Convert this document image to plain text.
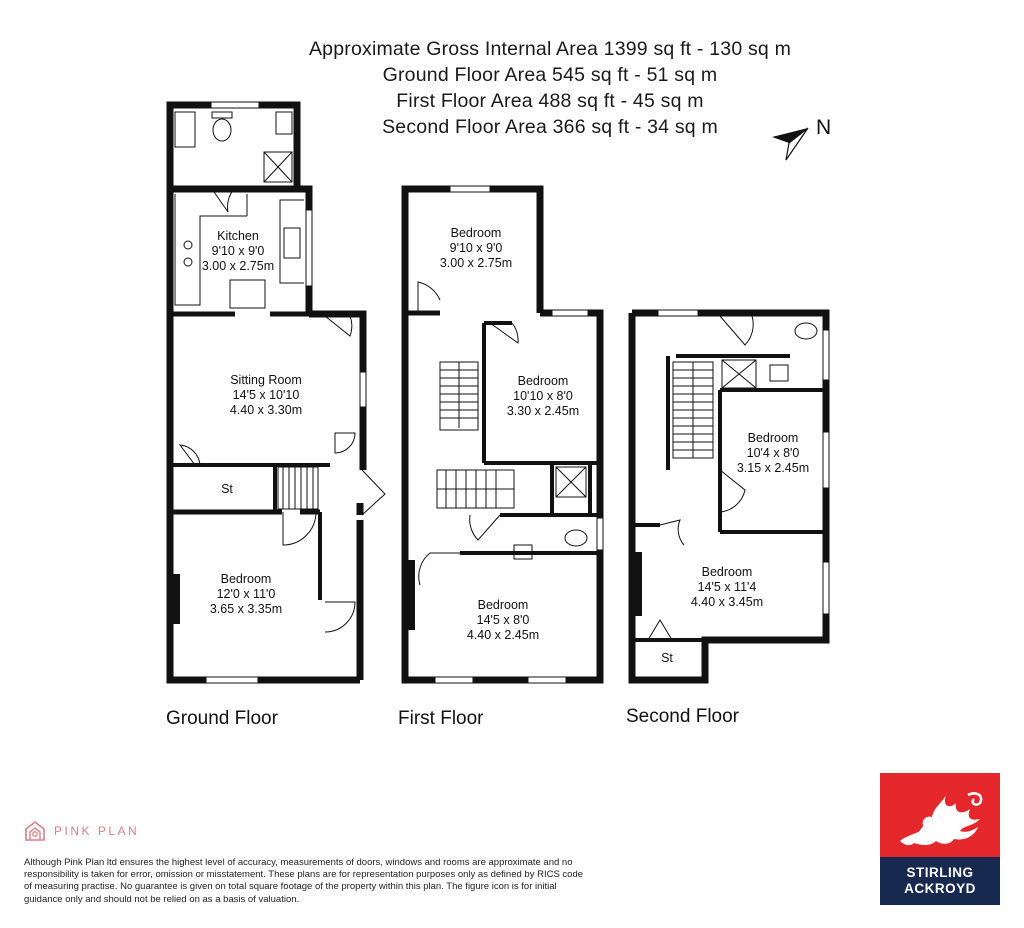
Approximate Gross Internal Area 1399 sq ft - 130 sq m
Ground Floor Area 545 sq ft - 51 sq m
First Floor Area 488 sq ft - 45 sq m
Second Floor Area 366 sq ft - 34 sq m
Kitchen
9'10 x 9'0
3.00 x 2.75m
Sitting Room
14'5 x 10'10
4.40 x 3.30m
St
Bedroom
12'0 x 11'0
3.65 x 3.35m
Bedroom
9'10 x 9'0
3.00 x 2.75m
Bedroom
10'10 x 8'0
3.30 x 2.45m
Bedroom
14'5 x 8'0
4.40 x 2.45m
Bedroom
10'4 x 8'0
3.15 x 2.45m
Bedroom
14'5 x 11'4
4.40 x 3.45m
St
N
Ground Floor	First Floor	Second Floor
PINK PLAN
Although Pink Plan ltd ensures the highest level of accuracy, measurements of doors, windows and rooms are approximate and no responsibility is taken for error, omission or misstatement. These plans are for representation purposes only as defined by RICS code of measuring practise. No guarantee is given on total square footage of the property within this plan. The figure icon is for initial guidance only and should not be relied on as a basis of valuation.
STIRLING
ACKROYD
